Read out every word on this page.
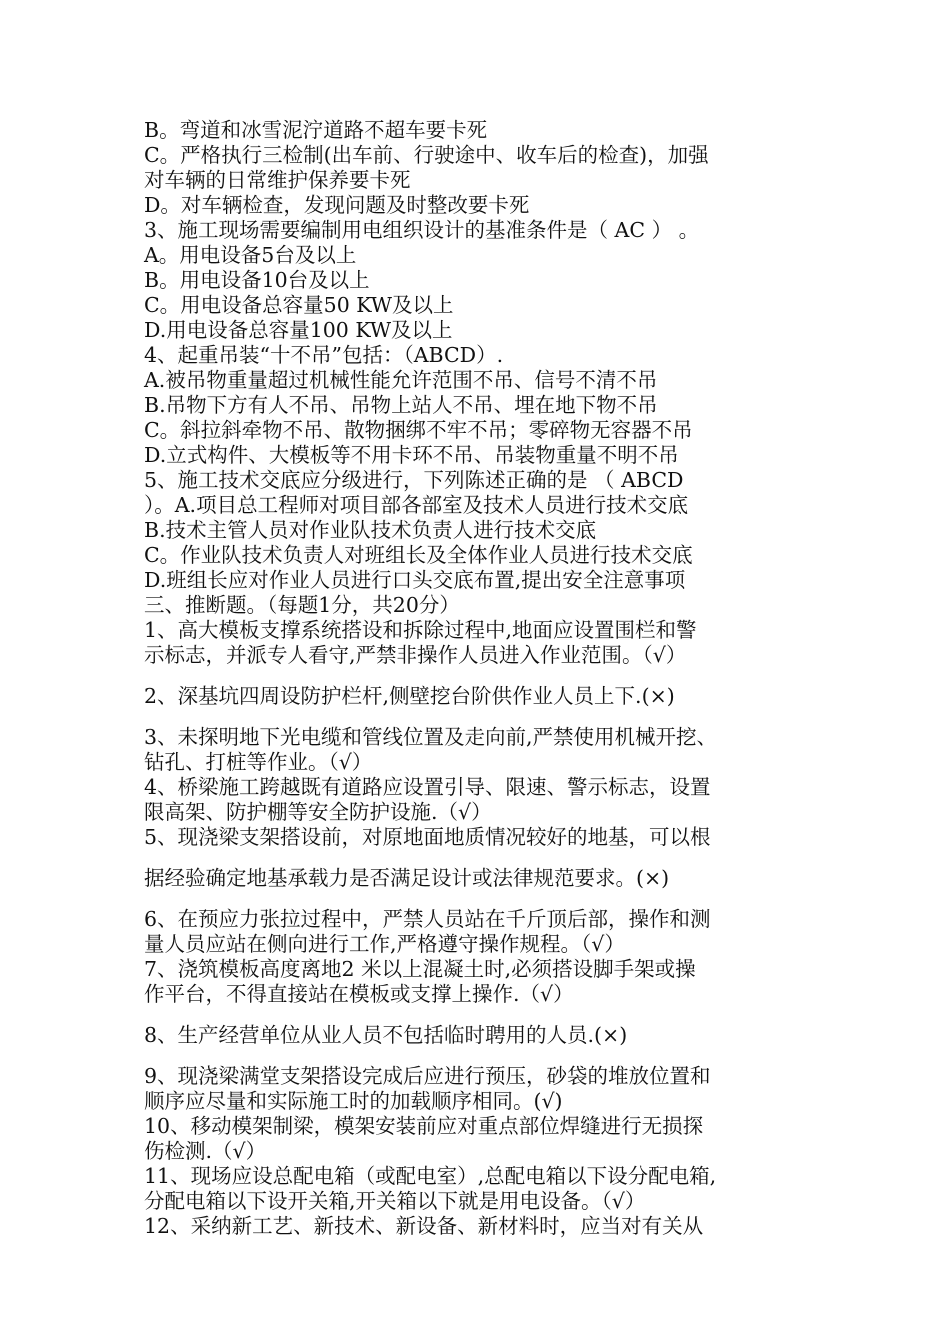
B。弯道和冰雪泥泞道路不超车要卡死
C。严格执行三检制(出车前、行驶途中、收车后的检查)，加强
对车辆的日常维护保养要卡死
D。对车辆检查，发现问题及时整改要卡死
3、施工现场需要编制用电组织设计的基准条件是（ AC ） 。
A。用电设备5台及以上
B。用电设备10台及以上
C。用电设备总容量50 KW及以上
D.用电设备总容量100 KW及以上
4、起重吊装“十不吊”包括：（ABCD）.
A.被吊物重量超过机械性能允许范围不吊、信号不清不吊
B.吊物下方有人不吊、吊物上站人不吊、埋在地下物不吊
C。斜拉斜牵物不吊、散物捆绑不牢不吊；零碎物无容器不吊
D.立式构件、大模板等不用卡环不吊、吊装物重量不明不吊
5、施工技术交底应分级进行，下列陈述正确的是 （ ABCD
）。A.项目总工程师对项目部各部室及技术人员进行技术交底
B.技术主管人员对作业队技术负责人进行技术交底
C。作业队技术负责人对班组长及全体作业人员进行技术交底
D.班组长应对作业人员进行口头交底布置,提出安全注意事项
三、推断题。（每题1分，共20分）
1、高大模板支撑系统搭设和拆除过程中,地面应设置围栏和警
示标志，并派专人看守,严禁非操作人员进入作业范围。（√）
2、深基坑四周设防护栏杆,侧壁挖台阶供作业人员上下.(×)
3、未探明地下光电缆和管线位置及走向前,严禁使用机械开挖、
钻孔、打桩等作业。（√）
4、桥梁施工跨越既有道路应设置引导、限速、警示标志，设置
限高架、防护棚等安全防护设施.（√）
5、现浇梁支架搭设前，对原地面地质情况较好的地基，可以根
据经验确定地基承载力是否满足设计或法律规范要求。(×)
6、在预应力张拉过程中，严禁人员站在千斤顶后部，操作和测
量人员应站在侧向进行工作,严格遵守操作规程。（√）
7、浇筑模板高度离地2 米以上混凝土时,必须搭设脚手架或操
作平台，不得直接站在模板或支撑上操作.（√）
8、生产经营单位从业人员不包括临时聘用的人员.(×)
9、现浇梁满堂支架搭设完成后应进行预压，砂袋的堆放位置和
顺序应尽量和实际施工时的加载顺序相同。(√)
10、移动模架制梁，模架安装前应对重点部位焊缝进行无损探
伤检测.（√）
11、现场应设总配电箱（或配电室）,总配电箱以下设分配电箱,
分配电箱以下设开关箱,开关箱以下就是用电设备。（√）
12、采纳新工艺、新技术、新设备、新材料时，应当对有关从
